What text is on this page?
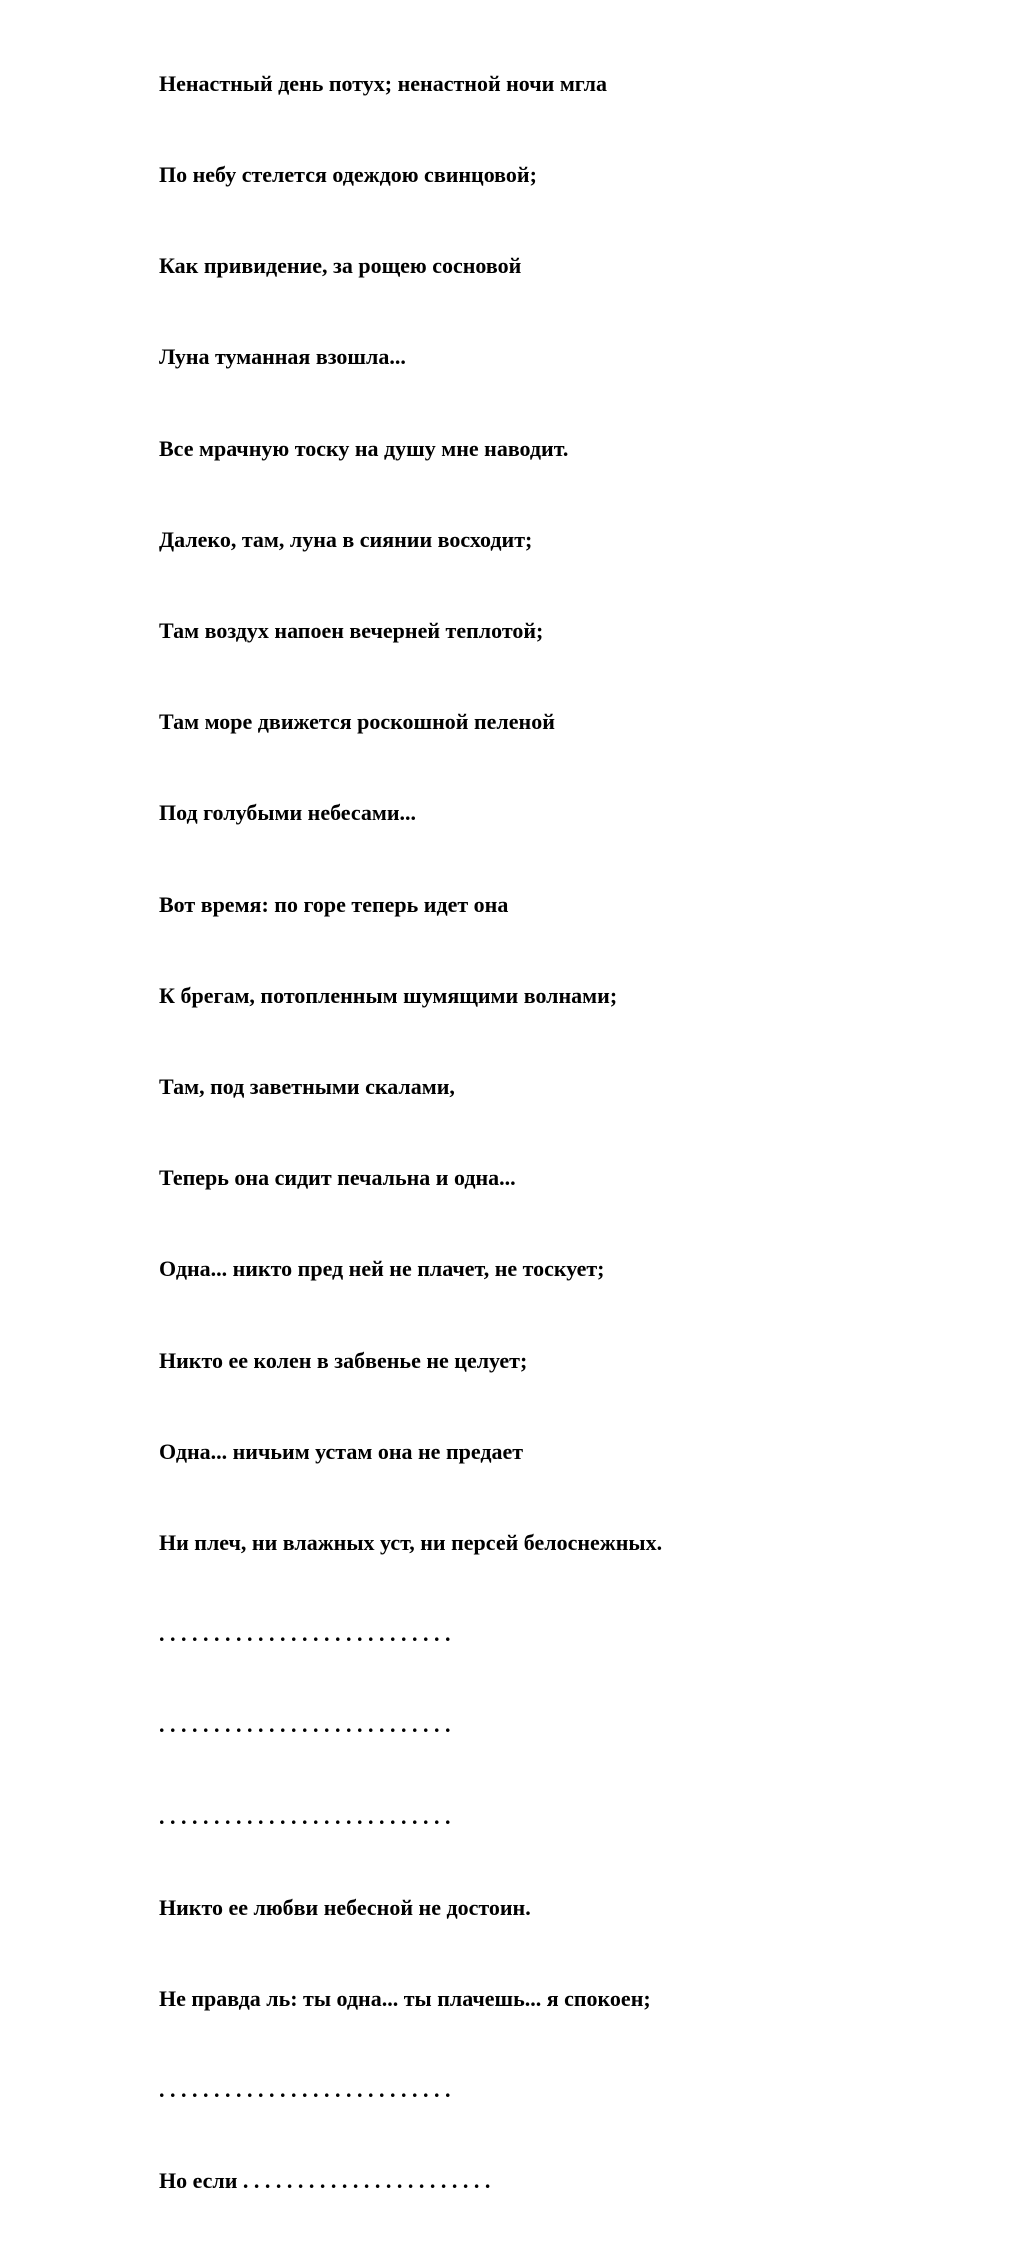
Ненастный день потух; ненастной ночи мгла

По небу стелется одеждою свинцовой;

Как привидение, за рощею сосновой

Луна туманная взошла...

Все мрачную тоску на душу мне наводит.

Далеко, там, луна в сиянии восходит;

Там воздух напоен вечерней теплотой;

Там море движется роскошной пеленой

Под голубыми небесами...

Вот время: по горе теперь идет она

К брегам, потопленным шумящими волнами;

Там, под заветными скалами,

Теперь она сидит печальна и одна...

Одна... никто пред ней не плачет, не тоскует;

Никто ее колен в забвенье не целует;

Одна... ничьим устам она не предает

Ни плеч, ни влажных уст, ни персей белоснежных.

. . . . . . . . . . . . . . . . . . . . . . . . . . .

. . . . . . . . . . . . . . . . . . . . . . . . . . .

. . . . . . . . . . . . . . . . . . . . . . . . . . .

Никто ее любви небесной не достоин.

Не правда ль: ты одна... ты плачешь... я спокоен;

. . . . . . . . . . . . . . . . . . . . . . . . . . .

Но если . . . . . . . . . . . . . . . . . . . . . . .
